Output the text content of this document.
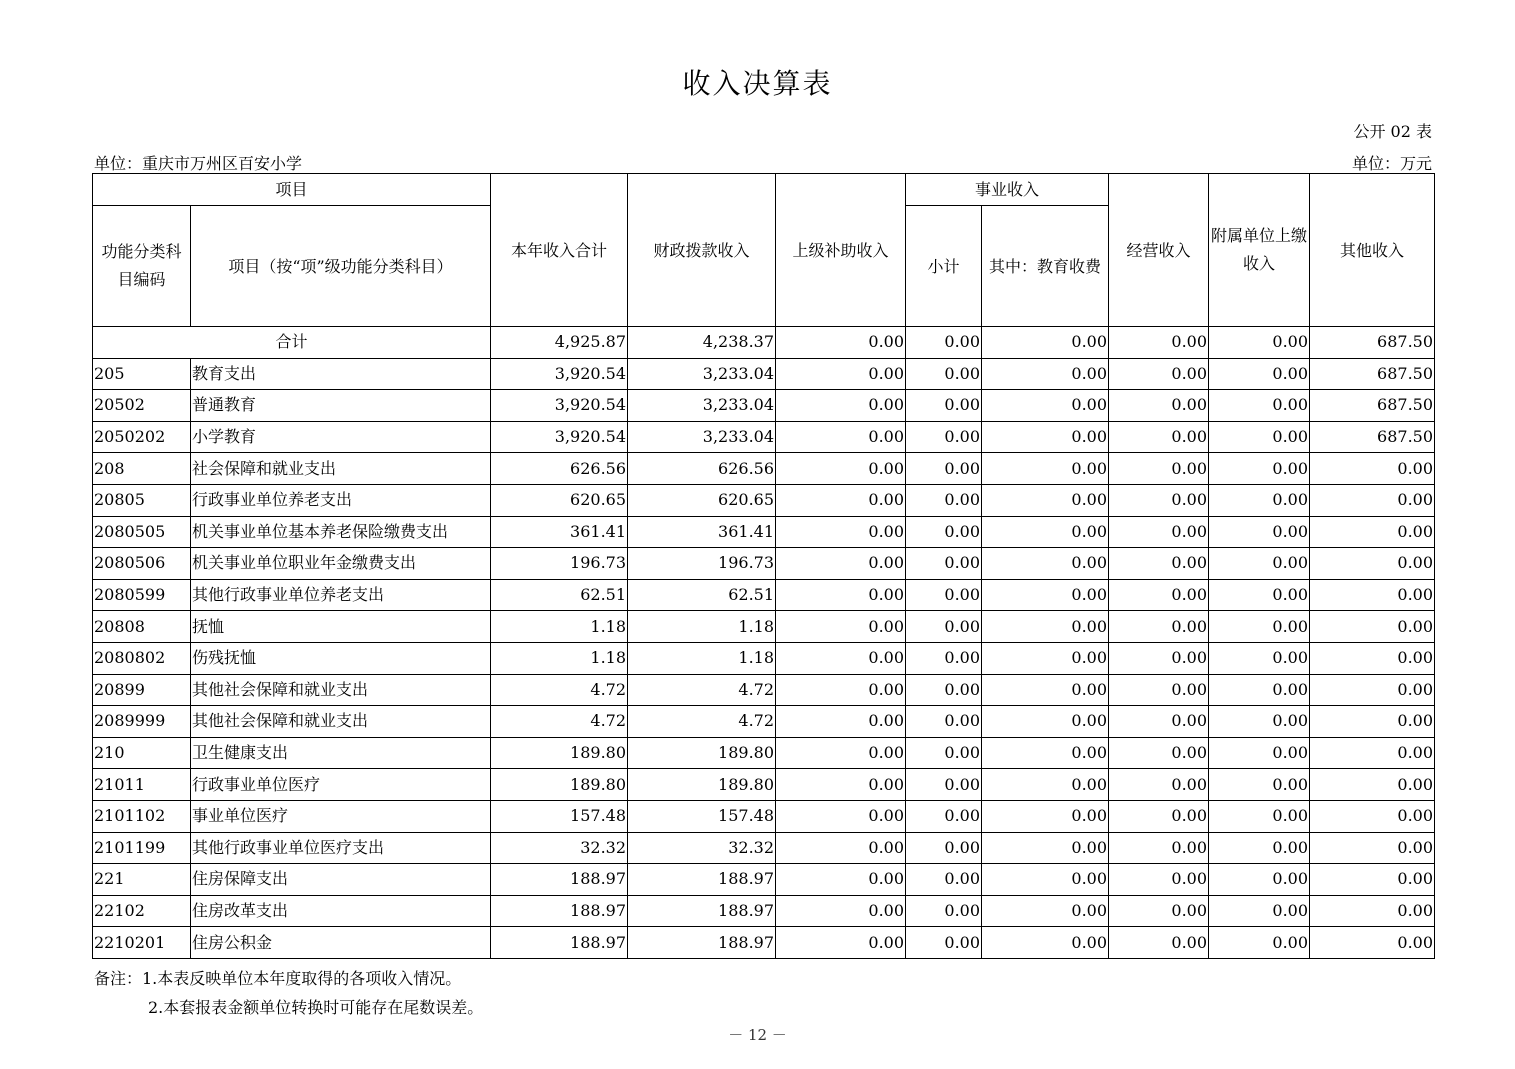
收入决算表
公开 02 表
单位：重庆市万州区百安小学	单位：万元
项目		本年收入合计	财政拨款收入	上级补助收入	事业收入		经营收入	附属单位上缴收入	其他收入
功能分类科目编码	项目（按“项”级功能分类科目）				小计	其中：教育收费			
合计		4,925.87	4,238.37	0.00	0.00	0.00	0.00	0.00	687.50
205	教育支出	3,920.54	3,233.04	0.00	0.00	0.00	0.00	0.00	687.50
20502	普通教育	3,920.54	3,233.04	0.00	0.00	0.00	0.00	0.00	687.50
2050202	小学教育	3,920.54	3,233.04	0.00	0.00	0.00	0.00	0.00	687.50
208	社会保障和就业支出	626.56	626.56	0.00	0.00	0.00	0.00	0.00	0.00
20805	行政事业单位养老支出	620.65	620.65	0.00	0.00	0.00	0.00	0.00	0.00
2080505	机关事业单位基本养老保险缴费支出	361.41	361.41	0.00	0.00	0.00	0.00	0.00	0.00
2080506	机关事业单位职业年金缴费支出	196.73	196.73	0.00	0.00	0.00	0.00	0.00	0.00
2080599	其他行政事业单位养老支出	62.51	62.51	0.00	0.00	0.00	0.00	0.00	0.00
20808	抚恤	1.18	1.18	0.00	0.00	0.00	0.00	0.00	0.00
2080802	伤残抚恤	1.18	1.18	0.00	0.00	0.00	0.00	0.00	0.00
20899	其他社会保障和就业支出	4.72	4.72	0.00	0.00	0.00	0.00	0.00	0.00
2089999	其他社会保障和就业支出	4.72	4.72	0.00	0.00	0.00	0.00	0.00	0.00
210	卫生健康支出	189.80	189.80	0.00	0.00	0.00	0.00	0.00	0.00
21011	行政事业单位医疗	189.80	189.80	0.00	0.00	0.00	0.00	0.00	0.00
2101102	事业单位医疗	157.48	157.48	0.00	0.00	0.00	0.00	0.00	0.00
2101199	其他行政事业单位医疗支出	32.32	32.32	0.00	0.00	0.00	0.00	0.00	0.00
221	住房保障支出	188.97	188.97	0.00	0.00	0.00	0.00	0.00	0.00
22102	住房改革支出	188.97	188.97	0.00	0.00	0.00	0.00	0.00	0.00
2210201	住房公积金	188.97	188.97	0.00	0.00	0.00	0.00	0.00	0.00
备注：1.本表反映单位本年度取得的各项收入情况。
2.本套报表金额单位转换时可能存在尾数误差。
－ 12 －
